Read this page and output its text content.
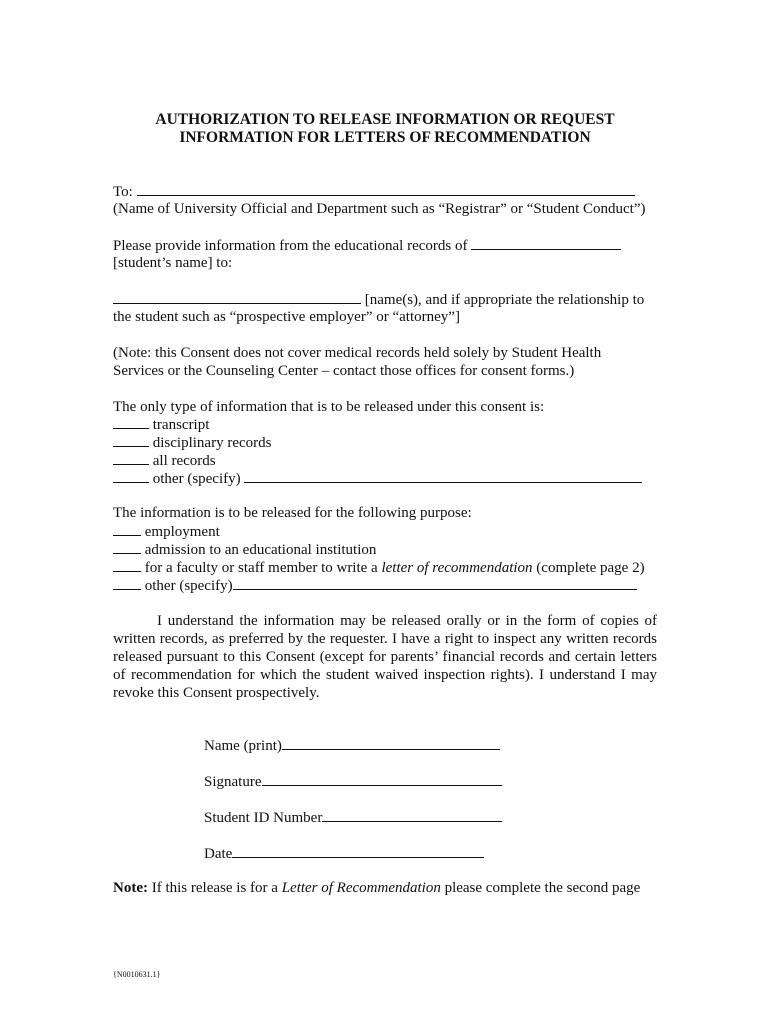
AUTHORIZATION TO RELEASE INFORMATION OR REQUEST
INFORMATION FOR LETTERS OF RECOMMENDATION
To:
(Name of University Official and Department such as “Registrar” or “Student Conduct”)
Please provide information from the educational records of
[student’s name] to:
[name(s), and if appropriate the relationship to
the student such as “prospective employer” or “attorney”]
(Note: this Consent does not cover medical records held solely by Student Health
Services or the Counseling Center – contact those offices for consent forms.)
The only type of information that is to be released under this consent is:
transcript
disciplinary records
all records
other (specify)
The information is to be released for the following purpose:
employment
admission to an educational institution
for a faculty or staff member to write a letter of recommendation (complete page 2)
other (specify)
I understand the information may be released orally or in the form of copies of written records, as preferred by the requester. I have a right to inspect any written records released pursuant to this Consent (except for parents’ financial records and certain letters of recommendation for which the student waived inspection rights). I understand I may revoke this Consent prospectively.
Name (print)
Signature
Student ID Number
Date
Note: If this release is for a Letter of Recommendation please complete the second page
{N0010631.1}
